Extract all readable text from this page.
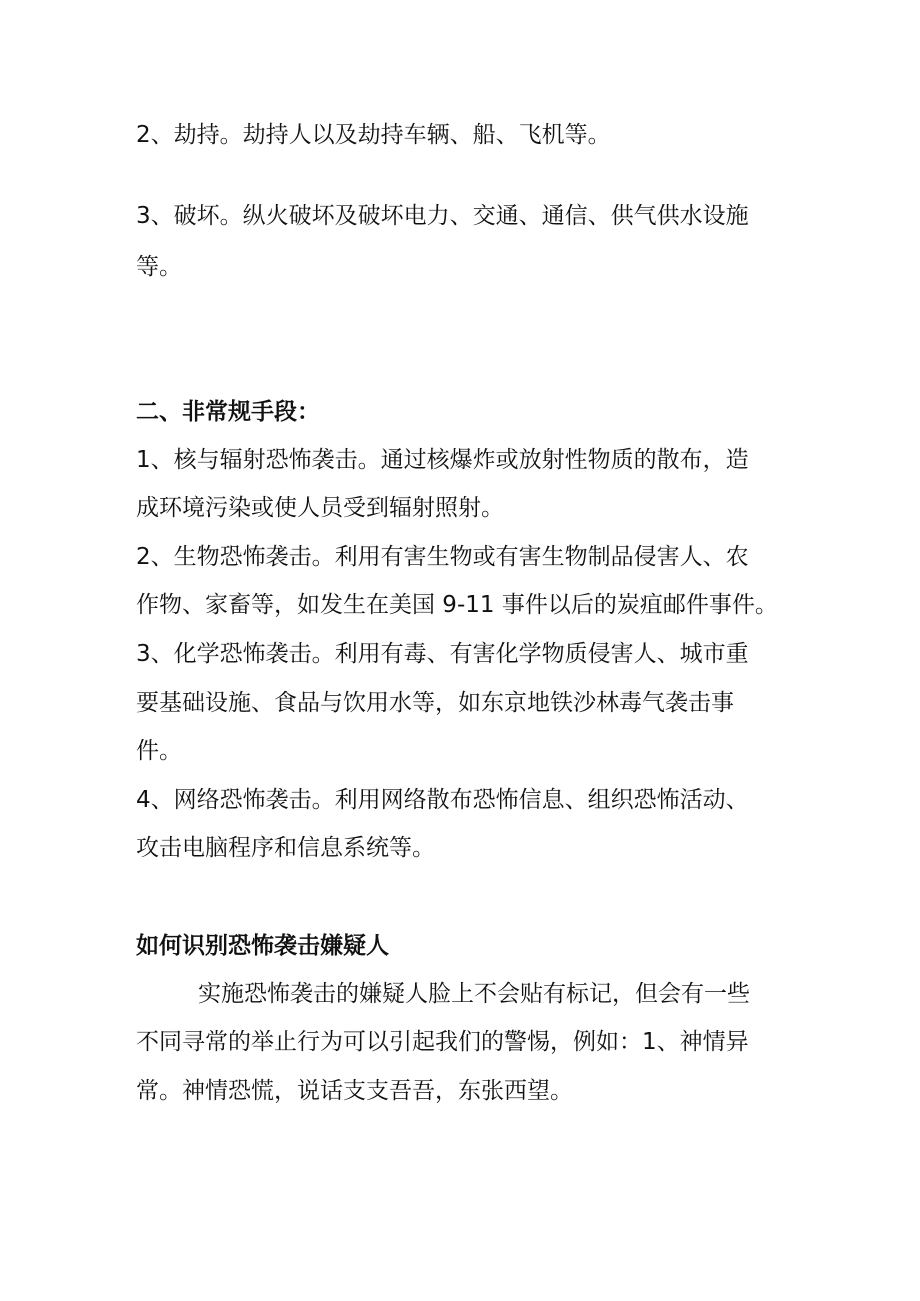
2、劫持。劫持人以及劫持车辆、船、飞机等。
3、破坏。纵火破坏及破坏电力、交通、通信、供气供水设施
等。
二、非常规手段：
1、核与辐射恐怖袭击。通过核爆炸或放射性物质的散布，造
成环境污染或使人员受到辐射照射。
2、生物恐怖袭击。利用有害生物或有害生物制品侵害人、农
作物、家畜等，如发生在美国 9-11 事件以后的炭疽邮件事件。
3、化学恐怖袭击。利用有毒、有害化学物质侵害人、城市重
要基础设施、食品与饮用水等，如东京地铁沙林毒气袭击事
件。
4、网络恐怖袭击。利用网络散布恐怖信息、组织恐怖活动、
攻击电脑程序和信息系统等。
如何识别恐怖袭击嫌疑人
实施恐怖袭击的嫌疑人脸上不会贴有标记，但会有一些
不同寻常的举止行为可以引起我们的警惕，例如：1、神情异
常。神情恐慌，说话支支吾吾，东张西望。
